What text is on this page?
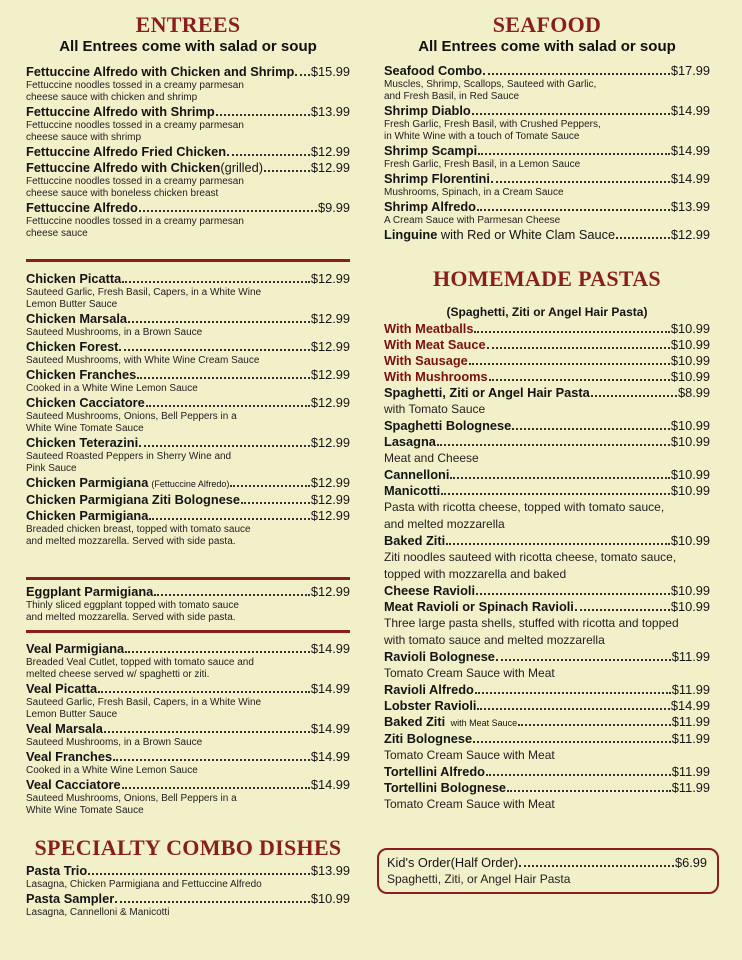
ENTREES
All Entrees come with salad or soup
Fettuccine Alfredo with Chicken and Shrimp $15.99
Fettuccine noodles tossed in a creamy parmesan
cheese sauce with chicken and shrimp
Fettuccine Alfredo with Shrimp	$13.99
Fettuccine noodles tossed in a creamy parmesan
cheese sauce with shrimp
Fettuccine Alfredo Fried Chicken	$12.99
Fettuccine Alfredo with Chicken(grilled)	$12.99
Fettuccine noodles tossed in a creamy parmesan
cheese sauce with boneless chicken breast
Fettuccine Alfredo	$9.99
Fettuccine noodles tossed in a creamy parmesan
cheese sauce
Chicken Picatta	$12.99
Sauteed Garlic, Fresh Basil, Capers, in a White Wine
Lemon Butter Sauce
Chicken Marsala	$12.99
Sauteed Mushrooms, in a Brown Sauce
Chicken Forest	$12.99
Sauteed Mushrooms, with White Wine Cream Sauce
Chicken Franches	$12.99
Cooked in a White Wine Lemon Sauce
Chicken Cacciatore	$12.99
Sauteed Mushrooms, Onions, Bell Peppers in a
White Wine Tomate Sauce
Chicken Teterazini	$12.99
Sauteed Roasted Peppers in Sherry Wine and
Pink Sauce
Chicken Parmigiana (Fettuccine Alfredo)	$12.99
Chicken Parmigiana Ziti Bolognese	$12.99
Chicken Parmigiana	$12.99
Breaded chicken breast, topped with tomato sauce
and melted mozzarella. Served with side pasta.
Eggplant Parmigiana	$12.99
Thinly sliced eggplant topped with tomato sauce
and melted mozzarella. Served with side pasta.
Veal Parmigiana	$14.99
Breaded Veal Cutlet, topped with tomato sauce and
melted cheese served w/ spaghetti or ziti.
Veal Picatta	$14.99
Sauteed Garlic, Fresh Basil, Capers, in a White Wine
Lemon Butter Sauce
Veal Marsala	$14.99
Sauteed Mushrooms, in a Brown Sauce
Veal Franches	$14.99
Cooked in a White Wine Lemon Sauce
Veal Cacciatore	$14.99
Sauteed Mushrooms, Onions, Bell Peppers in a
White Wine Tomate Sauce
SPECIALTY COMBO DISHES
Pasta Trio	$13.99
Lasagna, Chicken Parmigiana and Fettuccine Alfredo
Pasta Sampler	$10.99
Lasagna, Cannelloni & Manicotti
SEAFOOD
All Entrees come with salad or soup
Seafood Combo	$17.99
Muscles, Shrimp, Scallops, Sauteed with Garlic,
and Fresh Basil, in Red Sauce
Shrimp Diablo	$14.99
Fresh Garlic, Fresh Basil, with Crushed Peppers,
in White Wine with a touch of Tomate Sauce
Shrimp Scampi	$14.99
Fresh Garlic, Fresh Basil, in a Lemon Sauce
Shrimp Florentini	$14.99
Mushrooms, Spinach, in a Cream Sauce
Shrimp Alfredo	$13.99
A Cream Sauce with Parmesan Cheese
Linguine with Red or White Clam Sauce	$12.99
HOMEMADE PASTAS
(Spaghetti, Ziti or Angel Hair Pasta)
With Meatballs	$10.99
With Meat Sauce	$10.99
With Sausage	$10.99
With Mushrooms	$10.99
Spaghetti, Ziti or Angel Hair Pasta	$8.99
with Tomato Sauce
Spaghetti Bolognese	$10.99
Lasagna	$10.99
Meat and Cheese
Cannelloni	$10.99
Manicotti	$10.99
Pasta with ricotta cheese, topped with tomato sauce,
and melted mozzarella
Baked Ziti	$10.99
Ziti noodles sauteed with ricotta cheese, tomato sauce,
topped with mozzarella and baked
Cheese Ravioli	$10.99
Meat Ravioli or Spinach Ravioli	$10.99
Three large pasta shells, stuffed with ricotta and topped
with tomato sauce and melted mozzarella
Ravioli Bolognese	$11.99
Tomato Cream Sauce with Meat
Ravioli Alfredo	$11.99
Lobster Ravioli	$14.99
Baked Ziti with Meat Sauce	$11.99
Ziti Bolognese	$11.99
Tomato Cream Sauce with Meat
Tortellini Alfredo	$11.99
Tortellini Bolognese	$11.99
Tomato Cream Sauce with Meat
Kid's Order(Half Order)	$6.99
Spaghetti, Ziti, or Angel Hair Pasta
